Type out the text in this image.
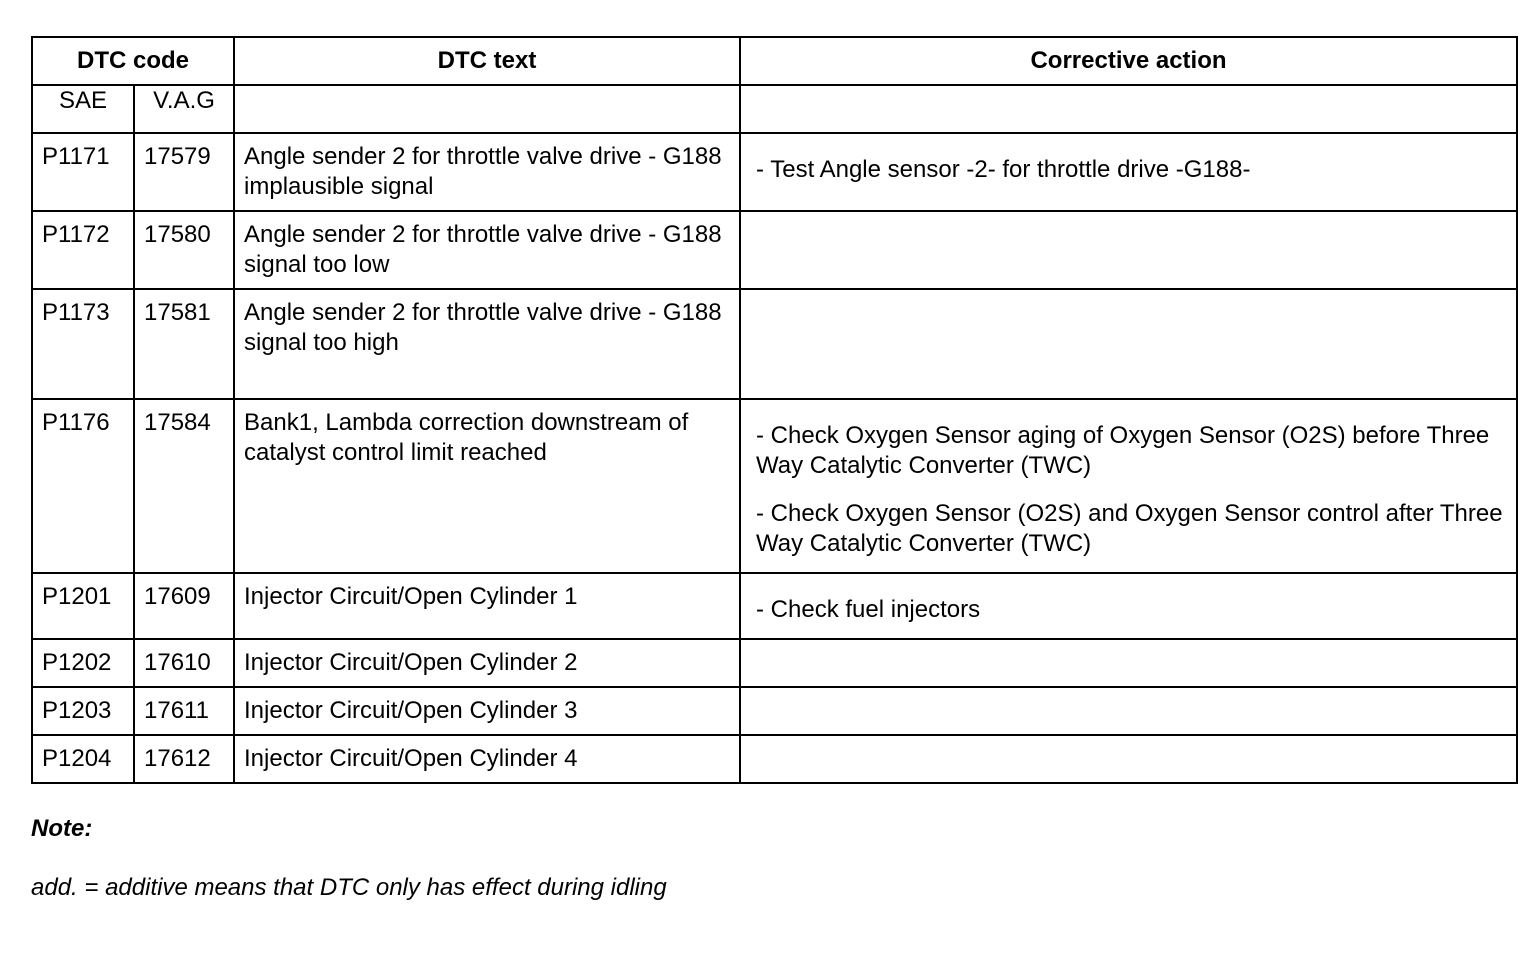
DTC code		DTC text	Corrective action
SAE	V.A.G		
P1171	17579	Angle sender 2 for throttle valve drive - G188 implausible signal	- Test Angle sensor -2- for throttle drive -G188-

P1172	17580	Angle sender 2 for throttle valve drive - G188 signal too low	
P1173	17581	Angle sender 2 for throttle valve drive - G188 signal too high	
P1176	17584	Bank1, Lambda correction downstream of catalyst control limit reached	- Check Oxygen Sensor aging of Oxygen Sensor (O2S) before Three Way Catalytic Converter (TWC)

- Check Oxygen Sensor (O2S) and Oxygen Sensor control after Three Way Catalytic Converter (TWC)

P1201	17609	Injector Circuit/Open Cylinder 1	- Check fuel injectors

P1202	17610	Injector Circuit/Open Cylinder 2	
P1203	17611	Injector Circuit/Open Cylinder 3	
P1204	17612	Injector Circuit/Open Cylinder 4	
Note:
add. = additive means that DTC only has effect during idling
